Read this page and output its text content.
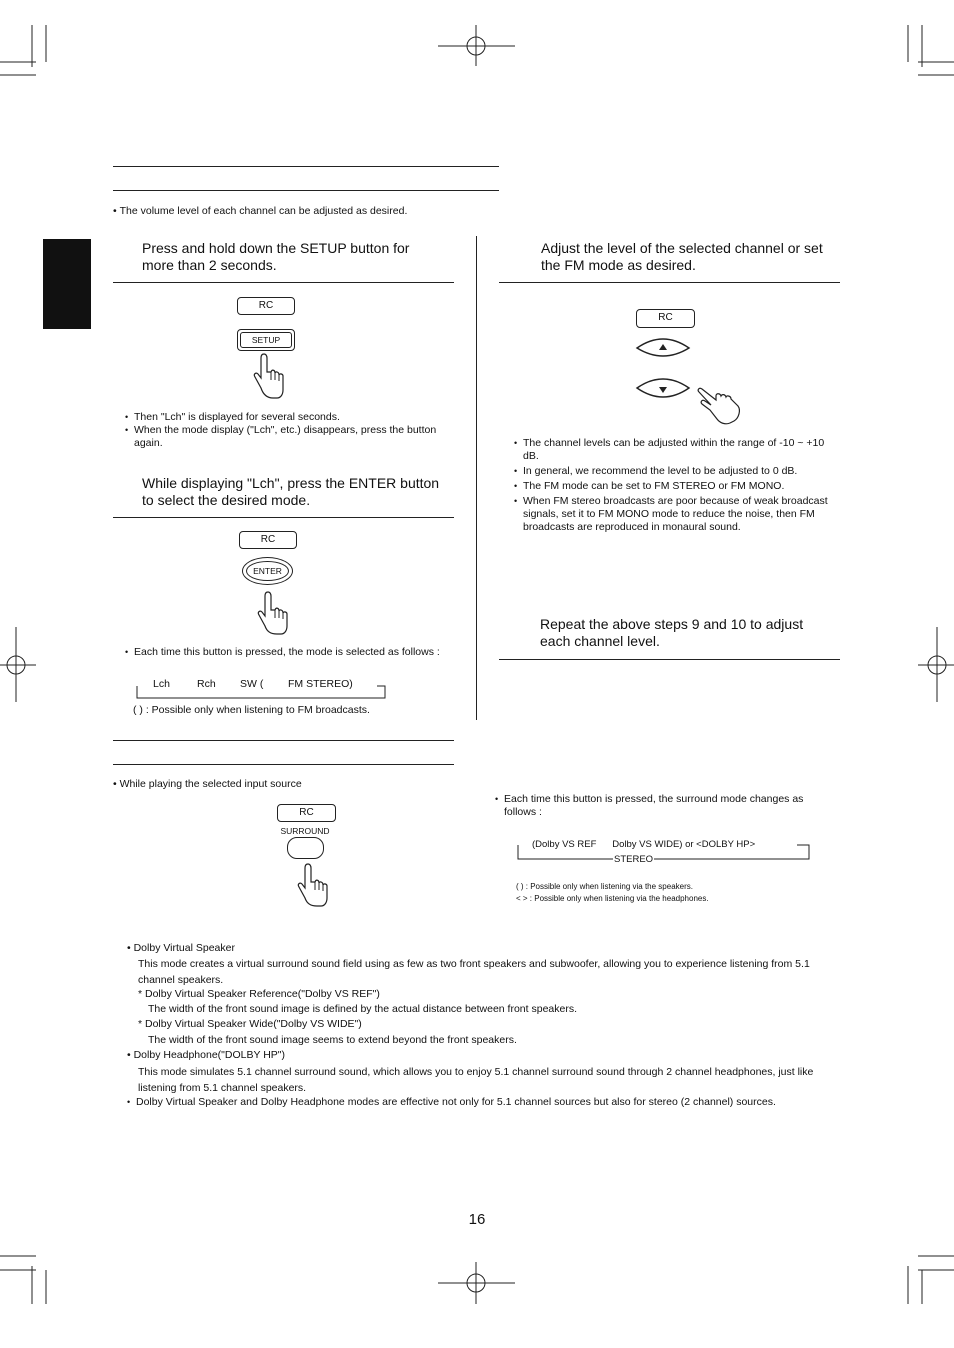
• The volume level of each channel can be adjusted as desired.
Press and hold down the SETUP button for more than 2 seconds.
RC
SETUP
• Then "Lch" is displayed for several seconds.
• When the mode display ("Lch", etc.) disappears, press the button again.
While displaying "Lch", press the ENTER button to select the desired mode.
RC
ENTER
• Each time this button is pressed, the mode is selected as follows :
Lch	Rch SW ( FM STEREO)
( ) : Possible only when listening to FM broadcasts.
Adjust the level of the selected channel or set the FM mode as desired.
RC
• The channel levels can be adjusted within the range of -10 ~ +10 dB.
• In general, we recommend the level to be adjusted to 0 dB.
• The FM mode can be set to FM STEREO or FM MONO.
• When FM stereo broadcasts are poor because of weak broadcast signals, set it to FM MONO mode to reduce the noise, then FM broadcasts are reproduced in monaural sound.
Repeat the above steps 9 and 10 to adjust each channel level.
• While playing the selected input source
RC
SURROUND
• Each time this button is pressed, the surround mode changes as follows :
(Dolby VS REF      Dolby VS WIDE) or <DOLBY HP>
STEREO
( ) : Possible only when listening via the speakers.
< > : Possible only when listening via the headphones.
• Dolby Virtual Speaker
This mode creates a virtual surround sound field using as few as two front speakers and subwoofer, allowing you to experience listening from 5.1 channel speakers.
* Dolby Virtual Speaker Reference("Dolby VS REF")
The width of the front sound image is defined by the actual distance between front speakers.
* Dolby Virtual Speaker Wide("Dolby VS WIDE")
The width of the front sound image seems to extend beyond the front speakers.
• Dolby Headphone("DOLBY HP")
This mode simulates 5.1 channel surround sound, which allows you to enjoy 5.1 channel surround sound through 2 channel headphones, just like listening from 5.1 channel speakers.
• Dolby Virtual Speaker and Dolby Headphone modes are effective not only for 5.1 channel sources but also for stereo (2 channel) sources.
16
